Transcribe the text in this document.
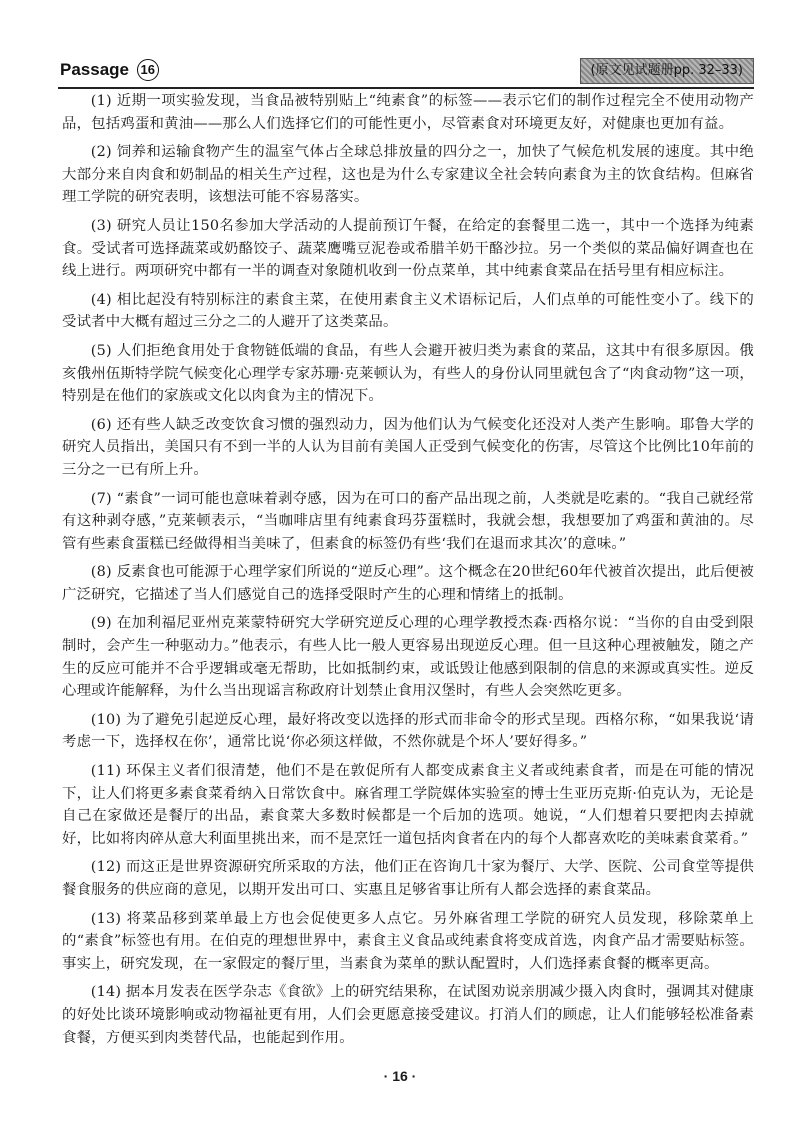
Passage 16	(原文见试题册pp. 32–33)

(1) 近期一项实验发现，当食品被特别贴上“纯素食”的标签——表示它们的制作过程完全不使用动物产品，包括鸡蛋和黄油——那么人们选择它们的可能性更小，尽管素食对环境更友好，对健康也更加有益。

(2) 饲养和运输食物产生的温室气体占全球总排放量的四分之一，加快了气候危机发展的速度。其中绝大部分来自肉食和奶制品的相关生产过程，这也是为什么专家建议全社会转向素食为主的饮食结构。但麻省理工学院的研究表明，该想法可能不容易落实。

(3) 研究人员让150名参加大学活动的人提前预订午餐，在给定的套餐里二选一，其中一个选择为纯素食。受试者可选择蔬菜或奶酪饺子、蔬菜鹰嘴豆泥卷或希腊羊奶干酪沙拉。另一个类似的菜品偏好调查也在线上进行。两项研究中都有一半的调查对象随机收到一份点菜单，其中纯素食菜品在括号里有相应标注。

(4) 相比起没有特别标注的素食主菜，在使用素食主义术语标记后，人们点单的可能性变小了。线下的受试者中大概有超过三分之二的人避开了这类菜品。

(5) 人们拒绝食用处于食物链低端的食品，有些人会避开被归类为素食的菜品，这其中有很多原因。俄亥俄州伍斯特学院气候变化心理学专家苏珊·克莱顿认为，有些人的身份认同里就包含了“肉食动物”这一项，特别是在他们的家族或文化以肉食为主的情况下。

(6) 还有些人缺乏改变饮食习惯的强烈动力，因为他们认为气候变化还没对人类产生影响。耶鲁大学的研究人员指出，美国只有不到一半的人认为目前有美国人正受到气候变化的伤害，尽管这个比例比10年前的三分之一已有所上升。

(7) “素食”一词可能也意味着剥夺感，因为在可口的畜产品出现之前，人类就是吃素的。“我自己就经常有这种剥夺感，”克莱顿表示，“当咖啡店里有纯素食玛芬蛋糕时，我就会想，我想要加了鸡蛋和黄油的。尽管有些素食蛋糕已经做得相当美味了，但素食的标签仍有些‘我们在退而求其次’的意味。”

(8) 反素食也可能源于心理学家们所说的“逆反心理”。这个概念在20世纪60年代被首次提出，此后便被广泛研究，它描述了当人们感觉自己的选择受限时产生的心理和情绪上的抵制。

(9) 在加利福尼亚州克莱蒙特研究大学研究逆反心理的心理学教授杰森·西格尔说：“当你的自由受到限制时，会产生一种驱动力。”他表示，有些人比一般人更容易出现逆反心理。但一旦这种心理被触发，随之产生的反应可能并不合乎逻辑或毫无帮助，比如抵制约束，或诋毁让他感到限制的信息的来源或真实性。逆反心理或许能解释，为什么当出现谣言称政府计划禁止食用汉堡时，有些人会突然吃更多。

(10) 为了避免引起逆反心理，最好将改变以选择的形式而非命令的形式呈现。西格尔称，“如果我说‘请考虑一下，选择权在你’，通常比说‘你必须这样做，不然你就是个坏人’要好得多。”

(11) 环保主义者们很清楚，他们不是在敦促所有人都变成素食主义者或纯素食者，而是在可能的情况下，让人们将更多素食菜肴纳入日常饮食中。麻省理工学院媒体实验室的博士生亚历克斯·伯克认为，无论是自己在家做还是餐厅的出品，素食菜大多数时候都是一个后加的选项。她说，“人们想着只要把肉去掉就好，比如将肉碎从意大利面里挑出来，而不是烹饪一道包括肉食者在内的每个人都喜欢吃的美味素食菜肴。”

(12) 而这正是世界资源研究所采取的方法，他们正在咨询几十家为餐厅、大学、医院、公司食堂等提供餐食服务的供应商的意见，以期开发出可口、实惠且足够省事让所有人都会选择的素食菜品。

(13) 将菜品移到菜单最上方也会促使更多人点它。另外麻省理工学院的研究人员发现，移除菜单上的“素食”标签也有用。在伯克的理想世界中，素食主义食品或纯素食将变成首选，肉食产品才需要贴标签。事实上，研究发现，在一家假定的餐厅里，当素食为菜单的默认配置时，人们选择素食餐的概率更高。

(14) 据本月发表在医学杂志《食欲》上的研究结果称，在试图劝说亲朋减少摄入肉食时，强调其对健康的好处比谈环境影响或动物福祉更有用，人们会更愿意接受建议。打消人们的顾虑，让人们能够轻松准备素食餐，方便买到肉类替代品，也能起到作用。

· 16 ·
